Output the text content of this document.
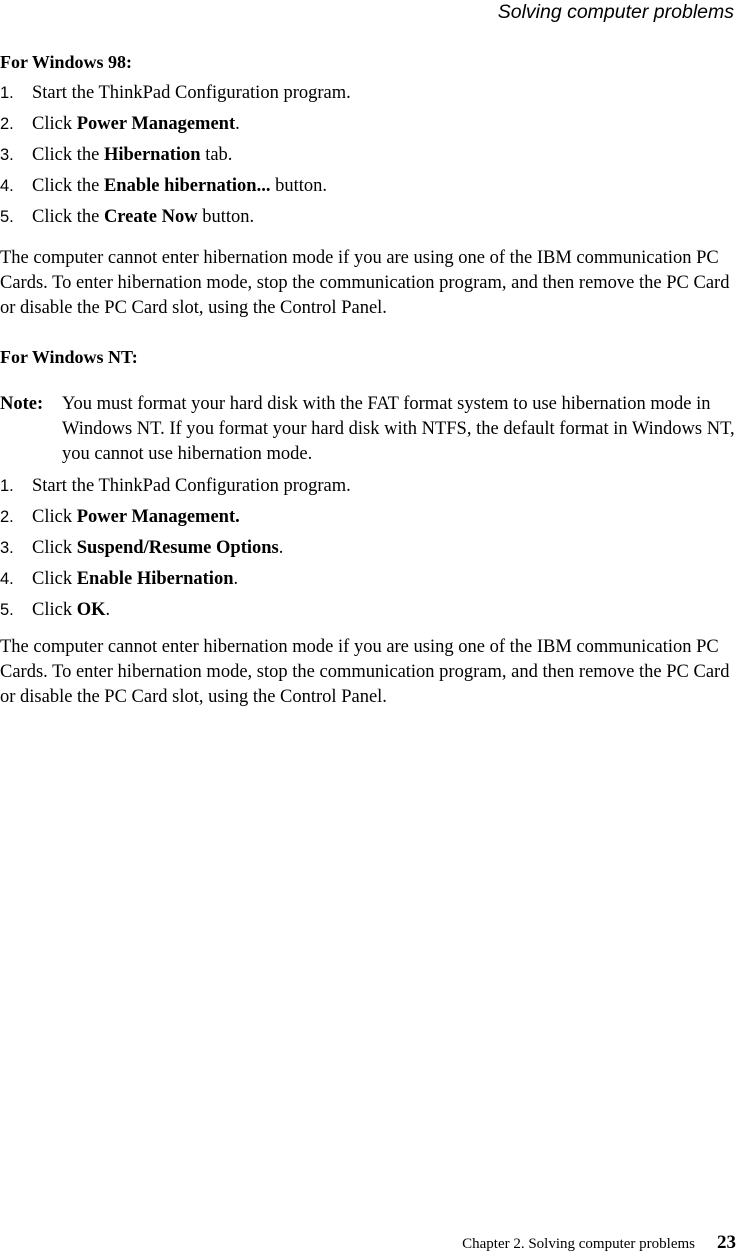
Solving computer problems
For Windows 98:
1. Start the ThinkPad Configuration program.
2. Click Power Management.
3. Click the Hibernation tab.
4. Click the Enable hibernation... button.
5. Click the Create Now button.

The computer cannot enter hibernation mode if you are using one of the IBM communication PC Cards. To enter hibernation mode, stop the communication program, and then remove the PC Card or disable the PC Card slot, using the Control Panel.

For Windows NT:
Note: You must format your hard disk with the FAT format system to use hibernation mode in Windows NT. If you format your hard disk with NTFS, the default format in Windows NT, you cannot use hibernation mode.
1. Start the ThinkPad Configuration program.
2. Click Power Management.
3. Click Suspend/Resume Options.
4. Click Enable Hibernation.
5. Click OK.

The computer cannot enter hibernation mode if you are using one of the IBM communication PC Cards. To enter hibernation mode, stop the communication program, and then remove the PC Card or disable the PC Card slot, using the Control Panel.

Chapter 2. Solving computer problems 23
